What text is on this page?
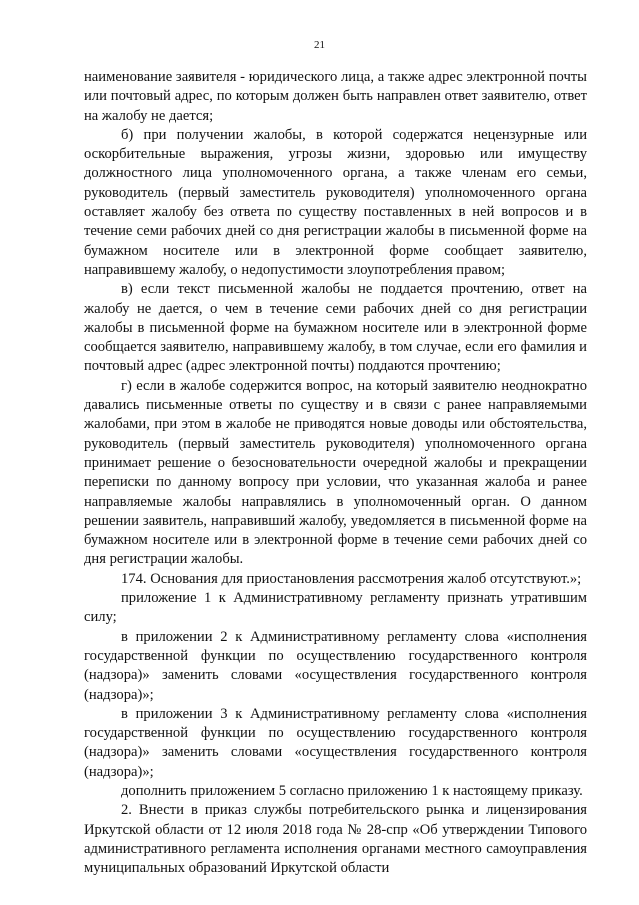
21

наименование заявителя - юридического лица, а также адрес электронной почты или почтовый адрес, по которым должен быть направлен ответ заявителю, ответ на жалобу не дается;

б) при получении жалобы, в которой содержатся нецензурные или оскорбительные выражения, угрозы жизни, здоровью или имуществу должностного лица уполномоченного органа, а также членам его семьи, руководитель (первый заместитель руководителя) уполномоченного органа оставляет жалобу без ответа по существу поставленных в ней вопросов и в течение семи рабочих дней со дня регистрации жалобы в письменной форме на бумажном носителе или в электронной форме сообщает заявителю, направившему жалобу, о недопустимости злоупотребления правом;

в) если текст письменной жалобы не поддается прочтению, ответ на жалобу не дается, о чем в течение семи рабочих дней со дня регистрации жалобы в письменной форме на бумажном носителе или в электронной форме сообщается заявителю, направившему жалобу, в том случае, если его фамилия и почтовый адрес (адрес электронной почты) поддаются прочтению;

г) если в жалобе содержится вопрос, на который заявителю неоднократно давались письменные ответы по существу и в связи с ранее направляемыми жалобами, при этом в жалобе не приводятся новые доводы или обстоятельства, руководитель (первый заместитель руководителя) уполномоченного органа принимает решение о безосновательности очередной жалобы и прекращении переписки по данному вопросу при условии, что указанная жалоба и ранее направляемые жалобы направлялись в уполномоченный орган. О данном решении заявитель, направивший жалобу, уведомляется в письменной форме на бумажном носителе или в электронной форме в течение семи рабочих дней со дня регистрации жалобы.

174. Основания для приостановления рассмотрения жалоб отсутствуют.»;

приложение 1 к Административному регламенту признать утратившим силу;

в приложении 2 к Административному регламенту слова «исполнения государственной функции по осуществлению государственного контроля (надзора)» заменить словами «осуществления государственного контроля (надзора)»;

в приложении 3 к Административному регламенту слова «исполнения государственной функции по осуществлению государственного контроля (надзора)» заменить словами «осуществления государственного контроля (надзора)»;

дополнить приложением 5 согласно приложению 1 к настоящему приказу.

2. Внести в приказ службы потребительского рынка и лицензирования Иркутской области от 12 июля 2018 года № 28-спр «Об утверждении Типового административного регламента исполнения органами местного самоуправления муниципальных образований Иркутской области
